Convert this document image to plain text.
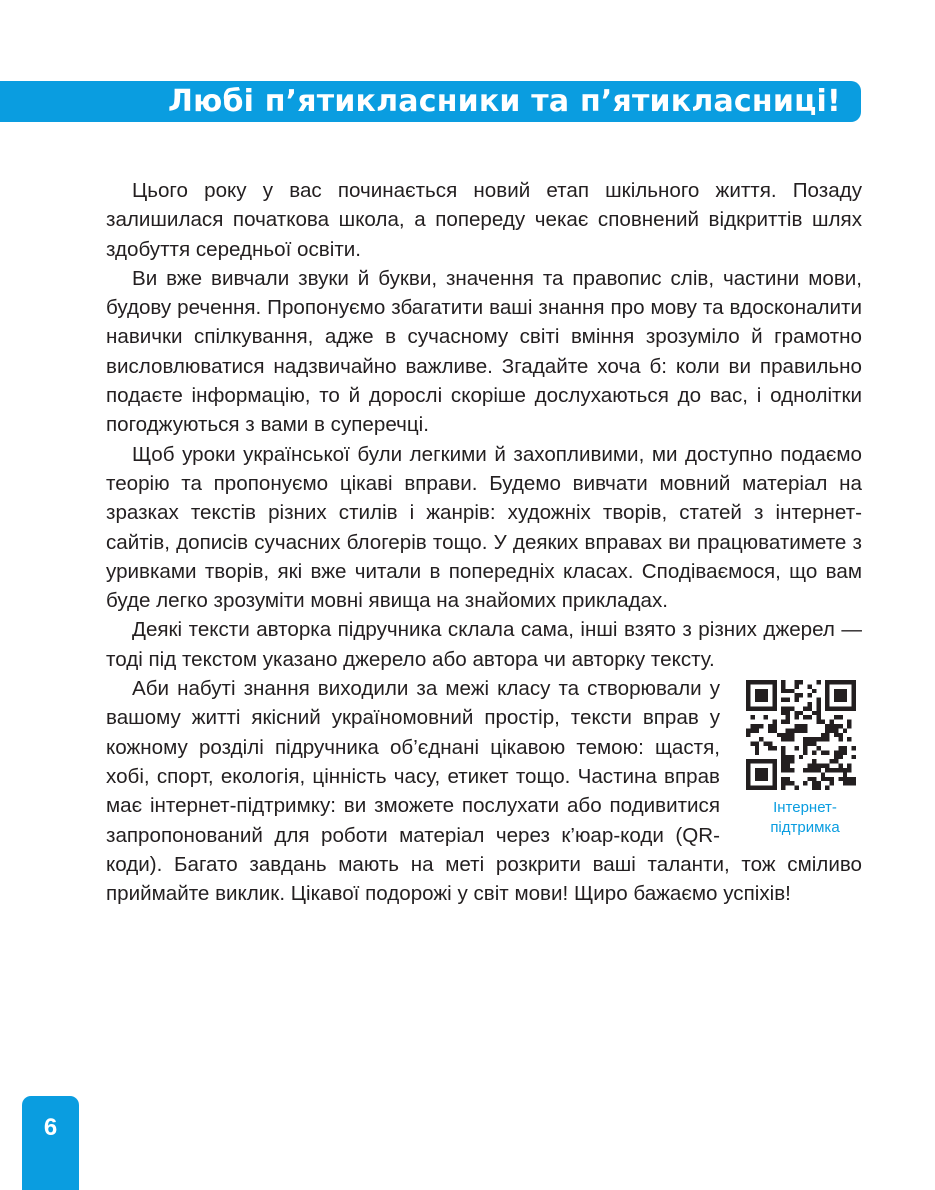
Любі п’ятикласники та п’ятикласниці!

Цього року у вас починається новий етап шкільного життя. Позаду залишилася початкова школа, а попереду чекає сповнений відкриттів шлях здобуття середньої освіти.

Ви вже вивчали звуки й букви, значення та правопис слів, частини мови, будову речення. Пропонуємо збагатити ваші знання про мову та вдосконалити навички спілкування, адже в сучасному світі вміння зрозуміло й грамотно висловлюватися надзвичайно важливе. Згадайте хоча б: коли ви правильно подаєте інформацію, то й дорослі скоріше дослухаються до вас, і однолітки погоджуються з вами в суперечці.

Щоб уроки української були легкими й захопливими, ми доступно подаємо теорію та пропонуємо цікаві вправи. Будемо вивчати мовний матеріал на зразках текстів різних стилів і жанрів: художніх творів, статей з інтернет-сайтів, дописів сучасних блогерів тощо. У деяких вправах ви працюватимете з уривками творів, які вже читали в попередніх класах. Сподіваємося, що вам буде легко зрозуміти мовні явища на знайомих прикладах.

Деякі тексти авторка підручника склала сама, інші взято з різних джерел — тоді під текстом указано джерело або автора чи авторку тексту.

Інтернет-
підтримка
Аби набуті знання виходили за межі класу та створювали у вашому житті якісний україномовний простір, тексти вправ у кожному розділі підручника об’єднані цікавою темою: щастя, хобі, спорт, екологія, цінність часу, етикет тощо. Частина вправ має інтернет-підтримку: ви зможете послухати або подивитися запропонований для роботи матеріал через к’юар-коди (QR-коди). Багато завдань мають на меті розкрити ваші таланти, тож сміливо приймайте виклик. Цікавої подорожі у світ мови! Щиро бажаємо успіхів!

6
